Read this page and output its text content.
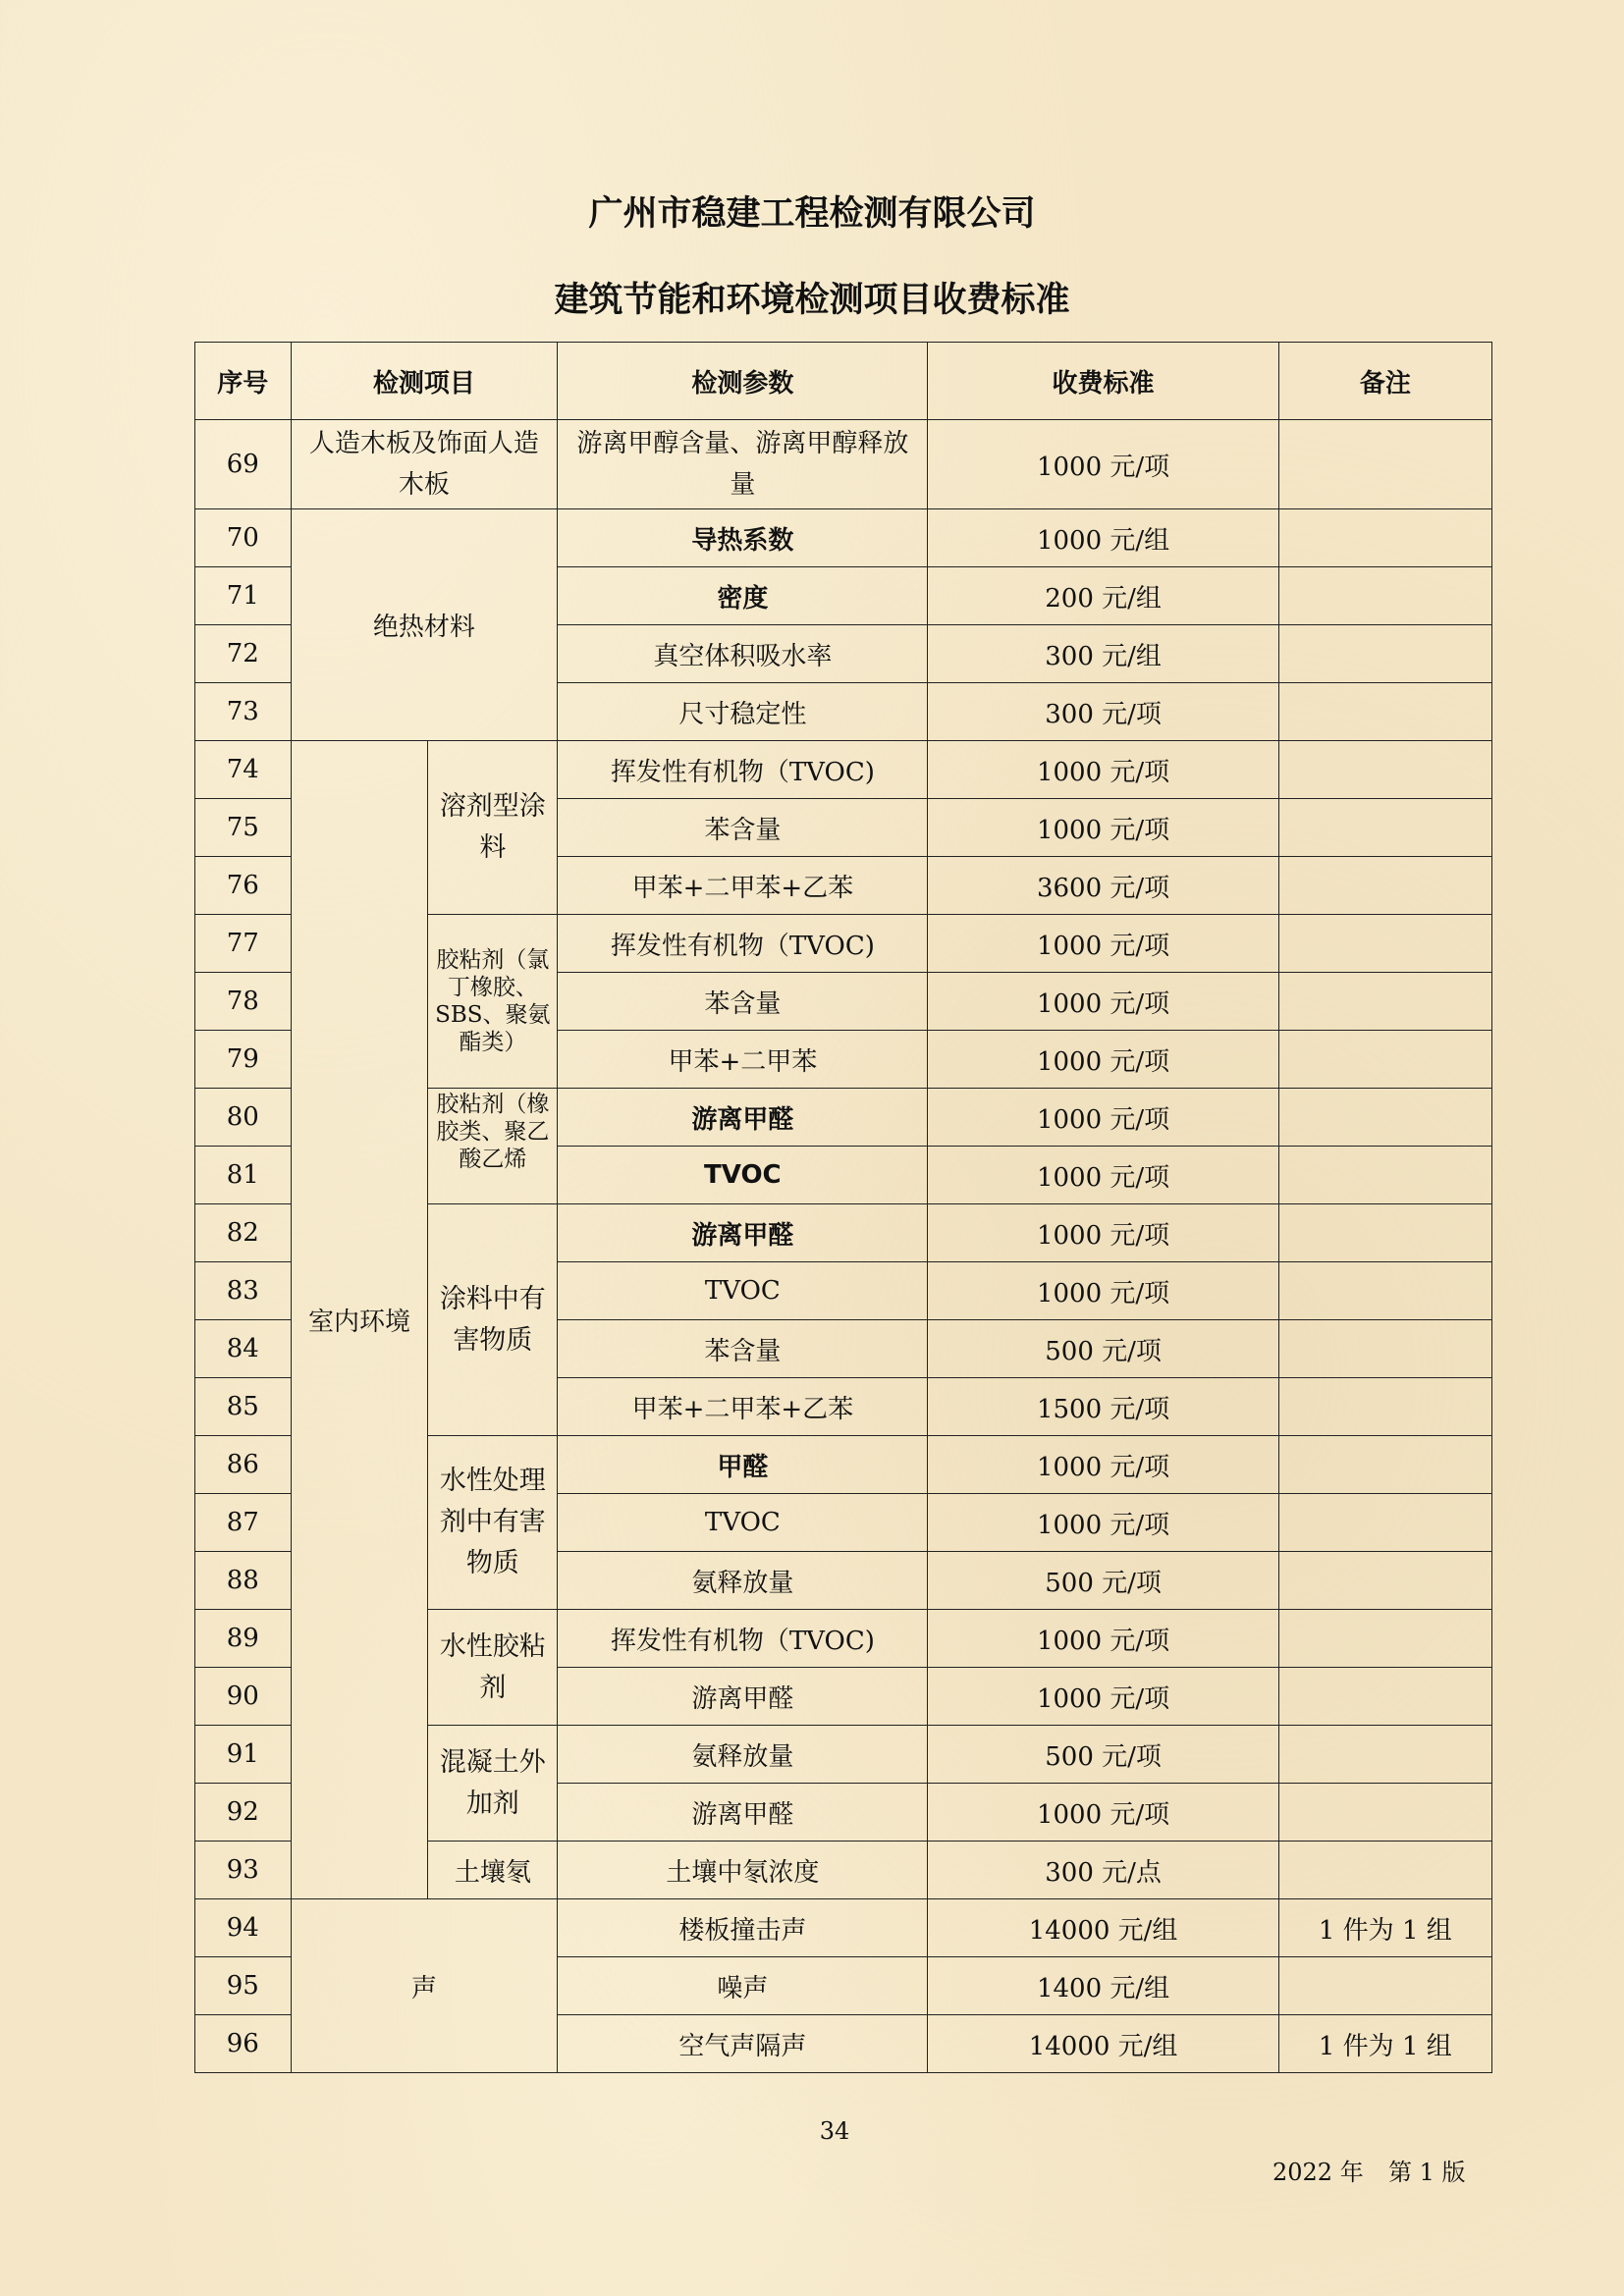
广州市稳建工程检测有限公司
建筑节能和环境检测项目收费标准
序号	检测项目		检测参数	收费标准	备注
69	人造木板及饰面人造木板		游离甲醇含量、游离甲醇释放量	1000 元/项	
70	绝热材料		导热系数	1000 元/组	
71			密度	200 元/组	
72			真空体积吸水率	300 元/组	
73			尺寸稳定性	300 元/项	
74	室内环境	溶剂型涂料	挥发性有机物（TVOC)	1000 元/项	
75			苯含量	1000 元/项	
76			甲苯+二甲苯+乙苯	3600 元/项	
77		胶粘剂（氯丁橡胶、SBS、聚氨酯类）	挥发性有机物（TVOC)	1000 元/项	
78			苯含量	1000 元/项	
79			甲苯+二甲苯	1000 元/项	
80		胶粘剂（橡胶类、聚乙酸乙烯	游离甲醛	1000 元/项	
81			TVOC	1000 元/项	
82		涂料中有害物质	游离甲醛	1000 元/项	
83			TVOC	1000 元/项	
84			苯含量	500 元/项	
85			甲苯+二甲苯+乙苯	1500 元/项	
86		水性处理剂中有害物质	甲醛	1000 元/项	
87			TVOC	1000 元/项	
88			氨释放量	500 元/项	
89		水性胶粘剂	挥发性有机物（TVOC)	1000 元/项	
90			游离甲醛	1000 元/项	
91		混凝土外加剂	氨释放量	500 元/项	
92			游离甲醛	1000 元/项	
93		土壤氡	土壤中氡浓度	300 元/点	
94	声		楼板撞击声	14000 元/组	1 件为 1 组
95			噪声	1400 元/组	
96			空气声隔声	14000 元/组	1 件为 1 组
34
2022 年 第 1 版
